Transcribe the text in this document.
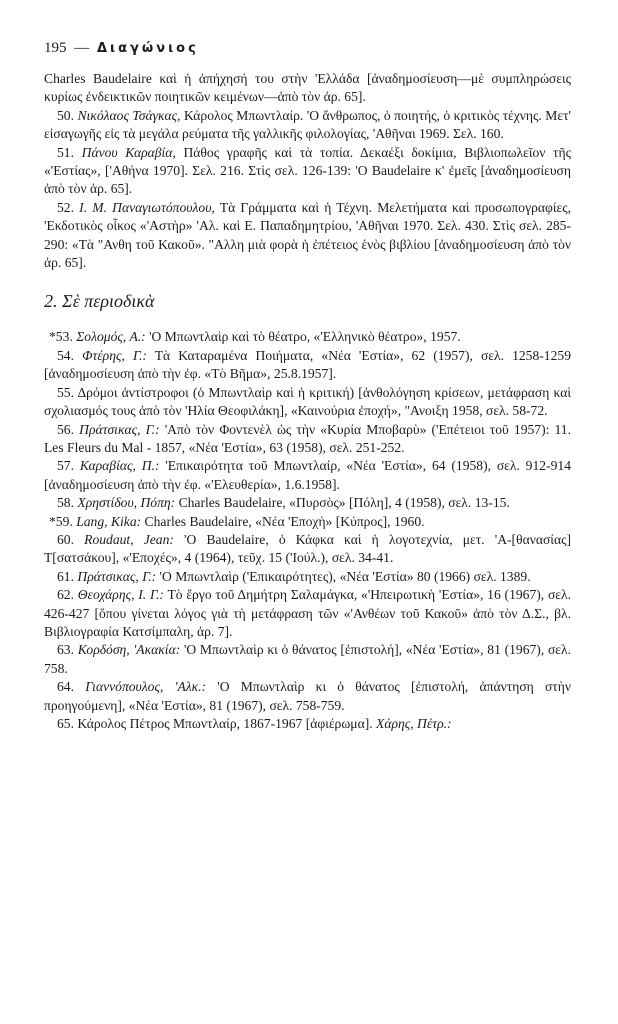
195 — Διαγώνιος

Charles Baudelaire καὶ ἡ ἀπήχησή του στὴν 'Ελλάδα [ἀναδημοσίευση—μὲ συμπληρώσεις κυρίως ἐνδεικτικῶν ποιητικῶν κειμένων—ἀπὸ τὸν ἀρ. 65].

50. Νικόλαος Τσάγκας, Κάρολος Μπωντλαίρ. 'Ο ἄνθρωπος, ὁ ποιητής, ὁ κριτικὸς τέχνης. Μετ' εἰσαγωγῆς εἰς τὰ μεγάλα ρεύματα τῆς γαλλικῆς φιλολογίας, 'Αθῆναι 1969. Σελ. 160.

51. Πάνου Καραβία, Πάθος γραφῆς καὶ τὰ τοπία. Δεκαέξι δοκίμια, Βιβλιοπωλεῖον τῆς «'Εστίας», ['Αθήνα 1970]. Σελ. 216. Στὶς σελ. 126-139: 'Ο Baudelaire κ' ἐμεῖς [ἀναδημοσίευση ἀπὸ τὸν ἀρ. 65].

52. Ι. Μ. Παναγιωτόπουλου, Τὰ Γράμματα καὶ ἡ Τέχνη. Μελετήματα καὶ προσωπογραφίες, 'Εκδοτικὸς οἶκος «'Αστὴρ» 'Αλ. καὶ Ε. Παπαδημητρίου, 'Αθῆναι 1970. Σελ. 430. Στὶς σελ. 285-290: «Τὰ "Ανθη τοῦ Κακοῦ». "Αλλη μιὰ φορὰ ἡ ἐπέτειος ἑνὸς βιβλίου [ἀναδημοσίευση ἀπὸ τὸν ἀρ. 65].

2. Σὲ περιοδικὰ

*53. Σολομός, Α.: 'Ο Μπωντλαὶρ καὶ τὸ θέατρο, «'Ελληνικὸ θέατρο», 1957.

54. Φτέρης, Γ.: Τὰ Καταραμένα Ποιήματα, «Νέα 'Εστία», 62 (1957), σελ. 1258-1259 [ἀναδημοσίευση ἀπὸ τὴν ἐφ. «Τὸ Βῆμα», 25.8.1957].

55. Δρόμοι ἀντίστροφοι (ὁ Μπωντλαὶρ καὶ ἡ κριτική) [ἀνθολόγηση κρίσεων, μετάφραση καὶ σχολιασμός τους ἀπὸ τὸν 'Ηλία Θεοφιλάκη], «Καινούρια ἐποχή», "Ανοιξη 1958, σελ. 58-72.

56. Πράτσικας, Γ.: 'Απὸ τὸν Φοντενὲλ ὡς τὴν «Κυρία Μποβαρὺ» ('Επέτειοι τοῦ 1957): 11. Les Fleurs du Mal - 1857, «Νέα 'Εστία», 63 (1958), σελ. 251-252.

57. Καραβίας, Π.: 'Επικαιρότητα τοῦ Μπωντλαίρ, «Νέα 'Εστία», 64 (1958), σελ. 912-914 [ἀναδημοσίευση ἀπὸ τὴν ἐφ. «'Ελευθερία», 1.6.1958].

58. Χρηστίδου, Πόπη: Charles Baudelaire, «Πυρσὸς» [Πόλη], 4 (1958), σελ. 13-15.

*59. Lang, Kika: Charles Baudelaire, «Νέα 'Εποχὴ» [Κύπρος], 1960.

60. Roudaut, Jean: 'Ο Baudelaire, ὁ Κάφκα καὶ ἡ λογοτεχνία, μετ. 'Α-[θανασίας] Τ[σατσάκου], «'Εποχές», 4 (1964), τεῦχ. 15 ('Ιούλ.), σελ. 34-41.

61. Πράτσικας, Γ.: 'Ο Μπωντλαὶρ ('Επικαιρότητες), «Νέα 'Εστία» 80 (1966) σελ. 1389.

62. Θεοχάρης, Ι. Γ.: Τὸ ἔργο τοῦ Δημήτρη Σαλαμάγκα, «'Ηπειρωτικὴ 'Εστία», 16 (1967), σελ. 426-427 [ὅπου γίνεται λόγος γιὰ τὴ μετάφραση τῶν «'Ανθέων τοῦ Κακοῦ» ἀπὸ τὸν Δ.Σ., βλ. Βιβλιογραφία Κατσίμπαλη, ἀρ. 7].

63. Κορδόση, 'Ακακία: 'Ο Μπωντλαὶρ κι ὁ θάνατος [ἐπιστολή], «Νέα 'Εστία», 81 (1967), σελ. 758.

64. Γιαννόπουλος, 'Αλκ.: 'Ο Μπωντλαὶρ κι ὁ θάνατος [ἐπιστολή, ἀπάντηση στὴν προηγούμενη], «Νέα 'Εστία», 81 (1967), σελ. 758-759.

65. Κάρολος Πέτρος Μπωντλαίρ, 1867-1967 [ἀφιέρωμα]. Χάρης, Πέτρ.:
